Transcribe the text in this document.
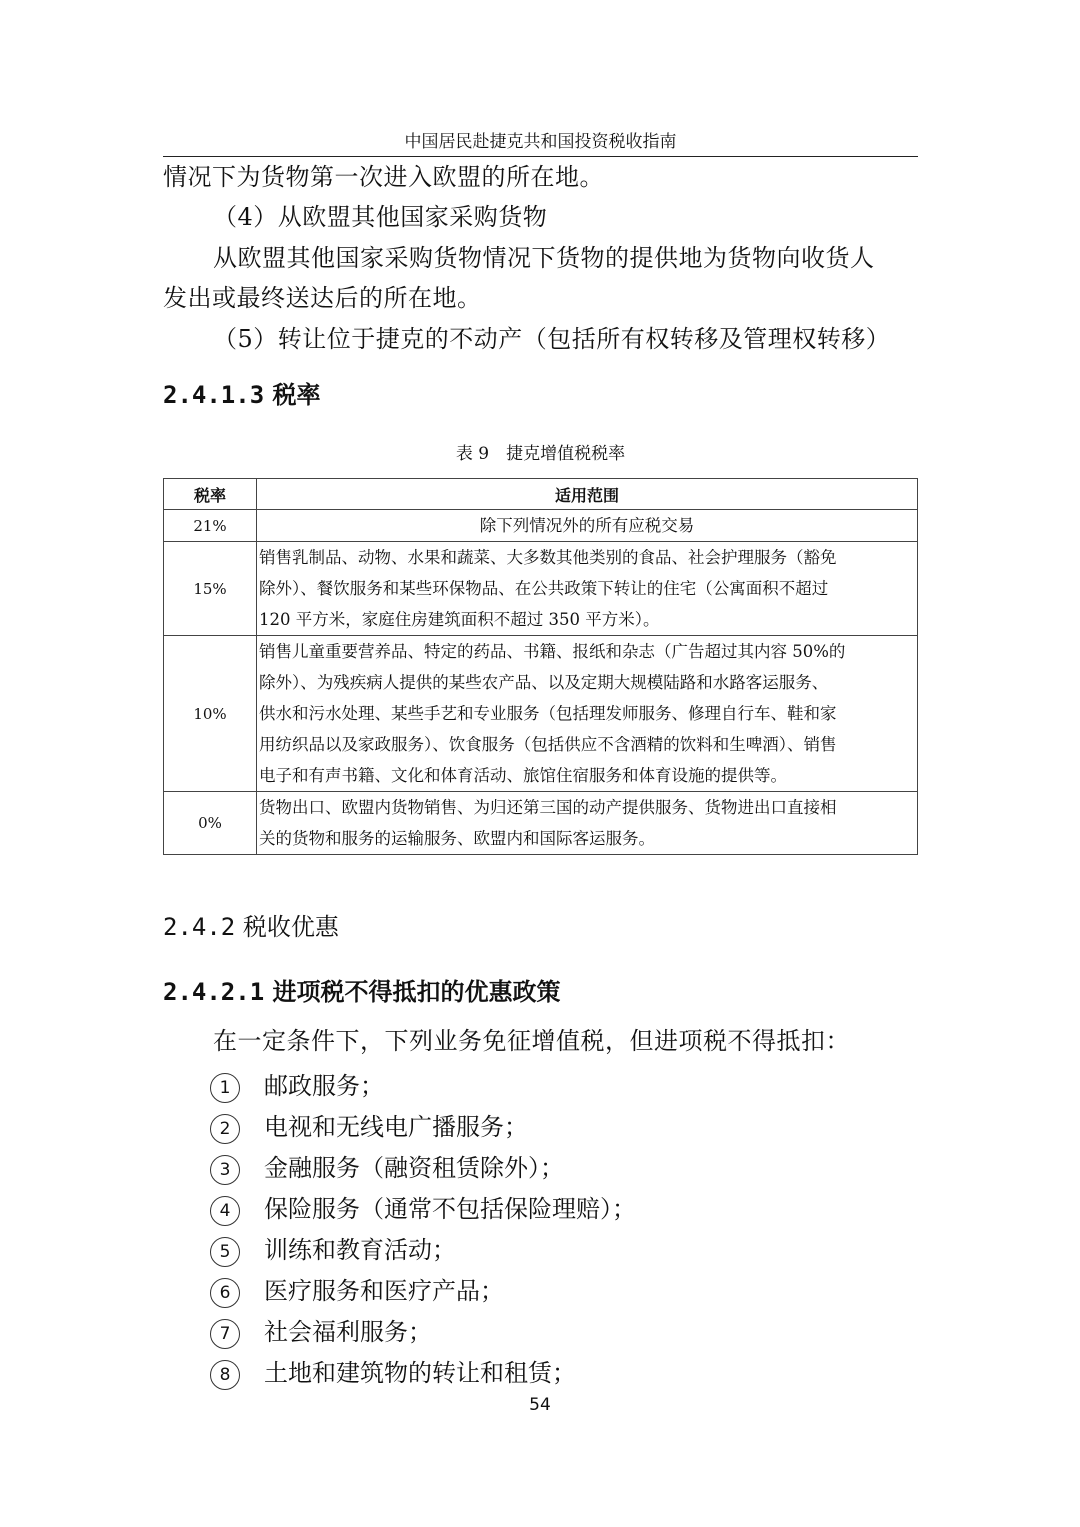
中国居民赴捷克共和国投资税收指南

情况下为货物第一次进入欧盟的所在地。

（4）从欧盟其他国家采购货物

从欧盟其他国家采购货物情况下货物的提供地为货物向收货人

发出或最终送达后的所在地。

（5）转让位于捷克的不动产（包括所有权转移及管理权转移）

2.4.1.3 税率
表 9　捷克增值税税率
税率	适用范围
21%	除下列情况外的所有应税交易

15%	销售乳制品、动物、水果和蔬菜、大多数其他类别的食品、社会护理服务（豁免
除外）、餐饮服务和某些环保物品、在公共政策下转让的住宅（公寓面积不超过
120 平方米，家庭住房建筑面积不超过 350 平方米）。

10%	销售儿童重要营养品、特定的药品、书籍、报纸和杂志（广告超过其内容 50%的
除外）、为残疾病人提供的某些农产品、以及定期大规模陆路和水路客运服务、
供水和污水处理、某些手艺和专业服务（包括理发师服务、修理自行车、鞋和家
用纺织品以及家政服务）、饮食服务（包括供应不含酒精的饮料和生啤酒）、销售
电子和有声书籍、文化和体育活动、旅馆住宿服务和体育设施的提供等。

0%	货物出口、欧盟内货物销售、为归还第三国的动产提供服务、货物进出口直接相
关的货物和服务的运输服务、欧盟内和国际客运服务。
2.4.2 税收优惠
2.4.2.1 进项税不得抵扣的优惠政策

在一定条件下，下列业务免征增值税，但进项税不得抵扣：

1 邮政服务；
2 电视和无线电广播服务；
3 金融服务（融资租赁除外）；
4 保险服务（通常不包括保险理赔）；
5 训练和教育活动；
6 医疗服务和医疗产品；
7 社会福利服务；
8 土地和建筑物的转让和租赁；
54
